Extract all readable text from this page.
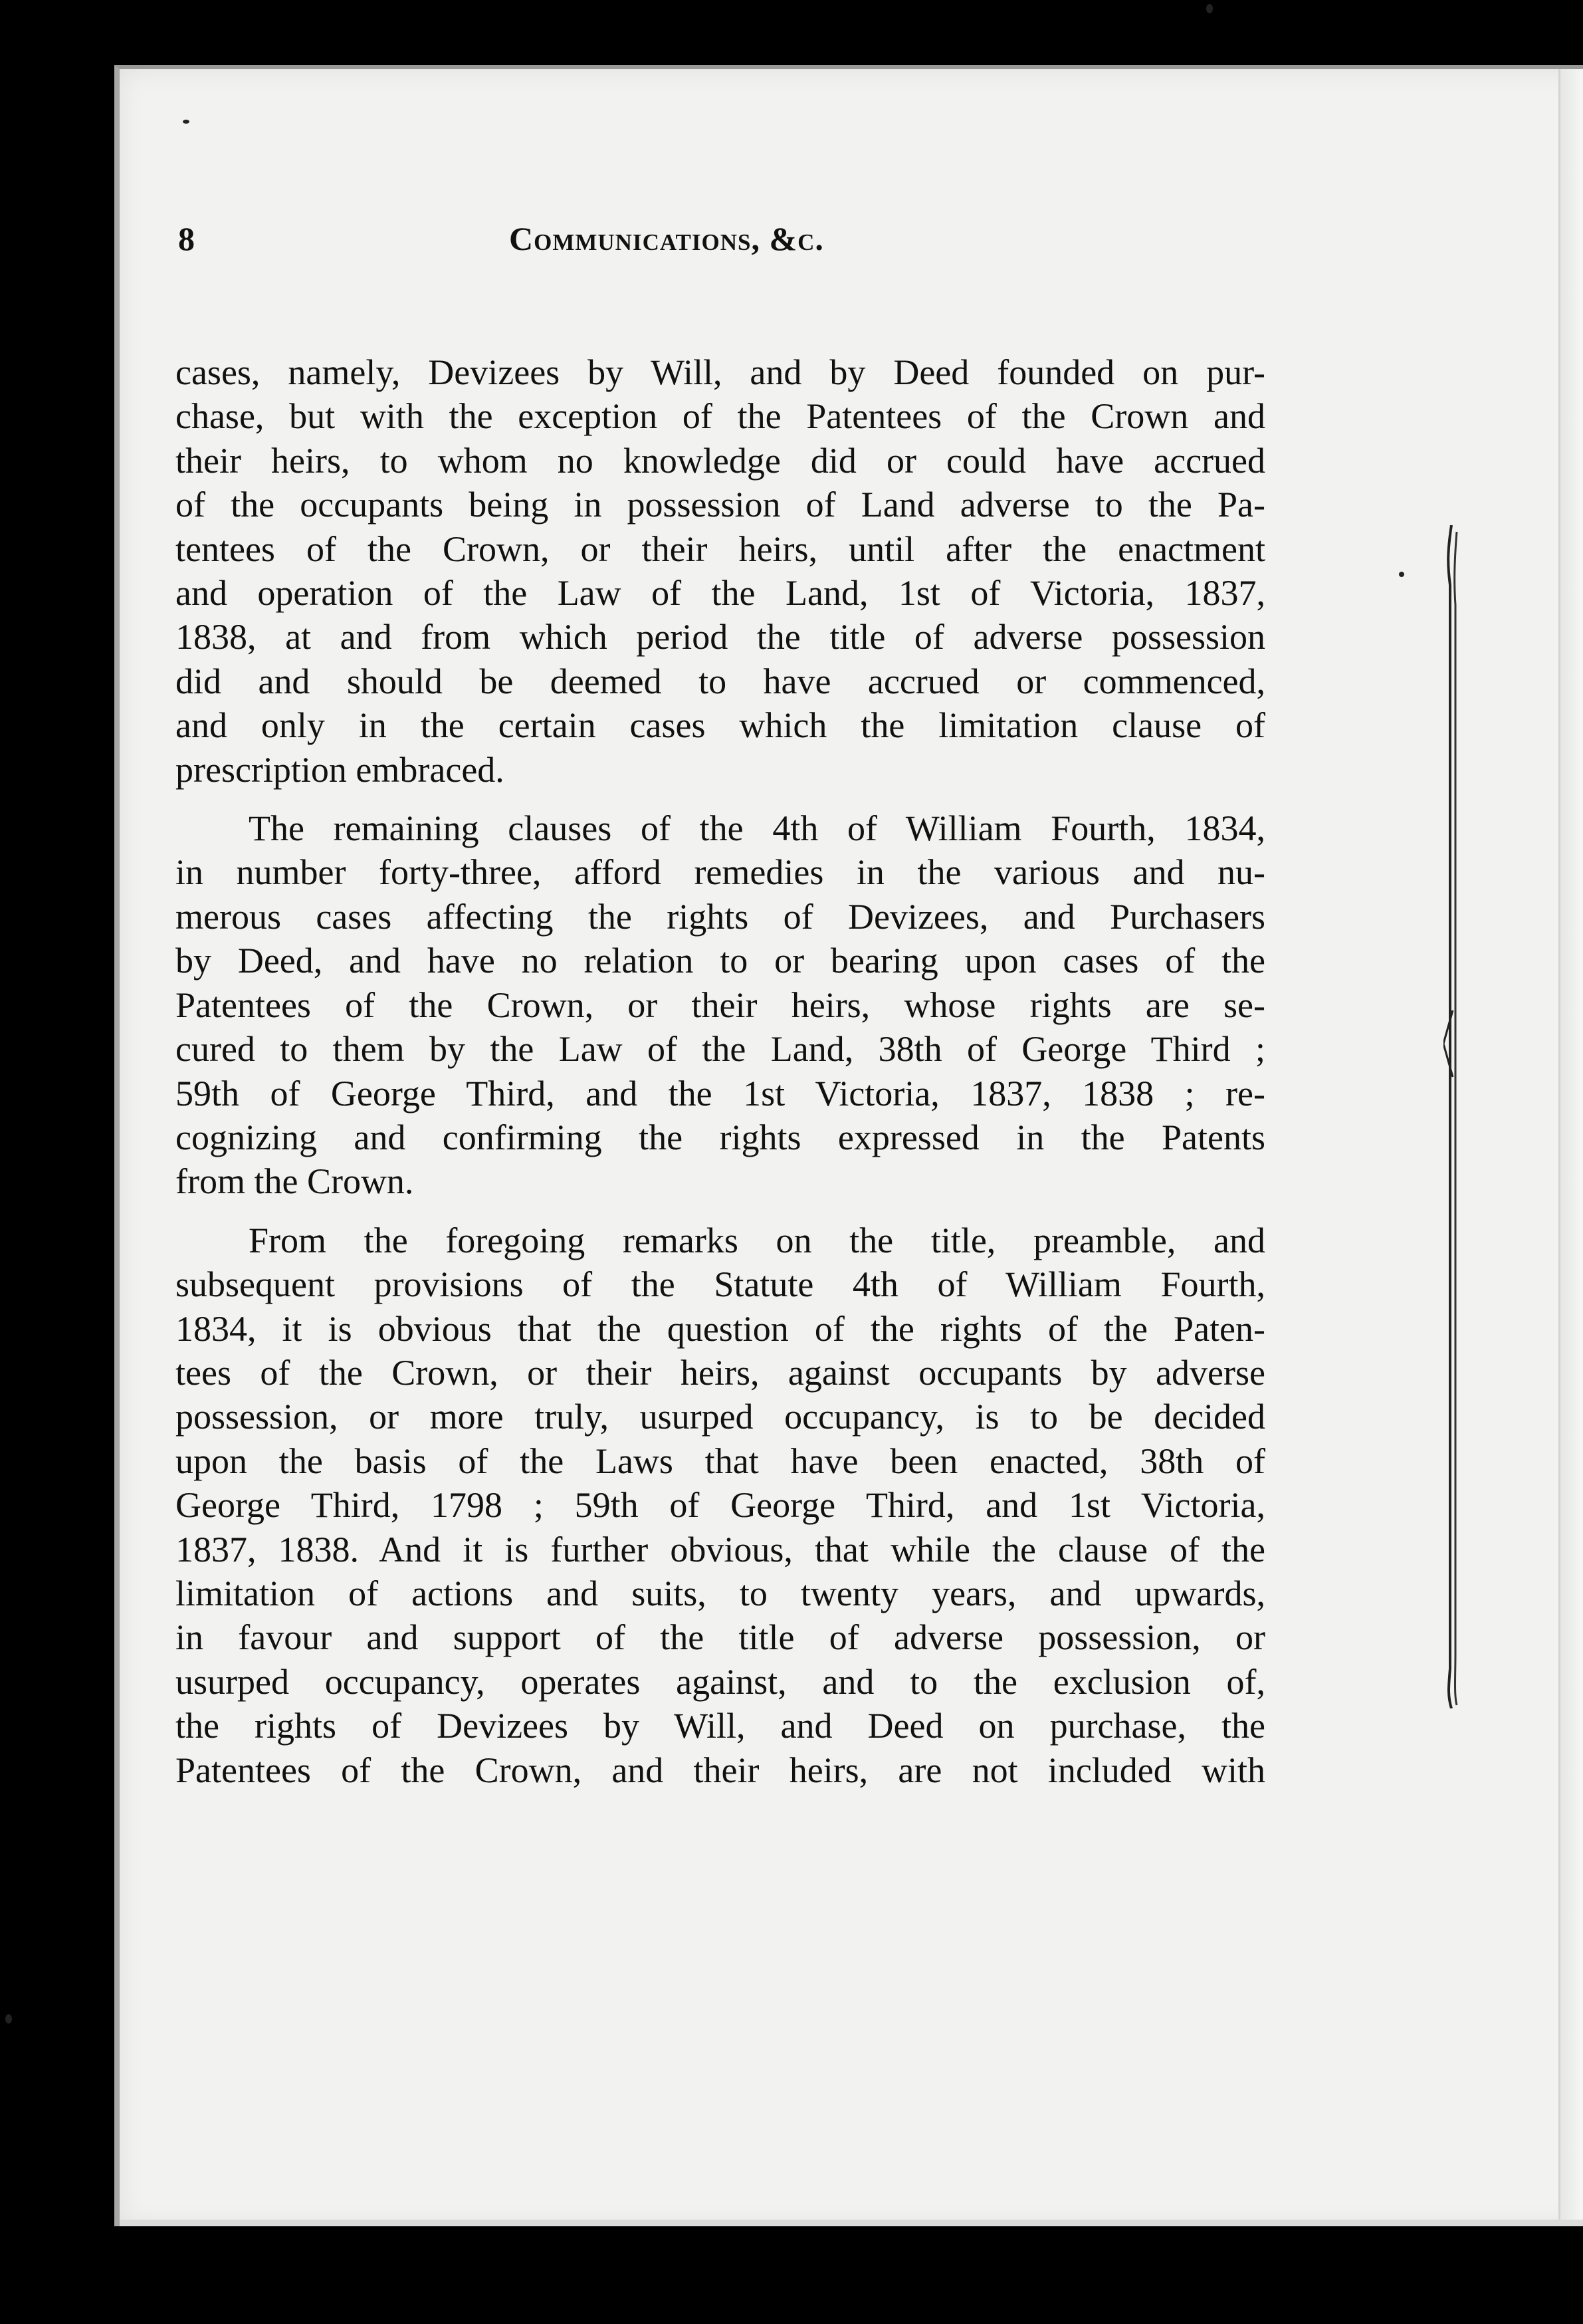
8	Communications, &c.

cases, namely, Devizees by Will, and by Deed founded on pur-
chase, but with the exception of the Patentees of the Crown and
their heirs, to whom no knowledge did or could have accrued
of the occupants being in possession of Land adverse to the Pa-
tentees of the Crown, or their heirs, until after the enactment
and operation of the Law of the Land, 1st of Victoria, 1837,
1838, at and from which period the title of adverse possession
did and should be deemed to have accrued or commenced,
and only in the certain cases which the limitation clause of
prescription embraced.

The remaining clauses of the 4th of William Fourth, 1834,
in number forty-three, afford remedies in the various and nu-
merous cases affecting the rights of Devizees, and Purchasers
by Deed, and have no relation to or bearing upon cases of the
Patentees of the Crown, or their heirs, whose rights are se-
cured to them by the Law of the Land, 38th of George Third ;
59th of George Third, and the 1st Victoria, 1837, 1838 ; re-
cognizing and confirming the rights expressed in the Patents
from the Crown.

From the foregoing remarks on the title, preamble, and
subsequent provisions of the Statute 4th of William Fourth,
1834, it is obvious that the question of the rights of the Paten-
tees of the Crown, or their heirs, against occupants by adverse
possession, or more truly, usurped occupancy, is to be decided
upon the basis of the Laws that have been enacted, 38th of
George Third, 1798 ; 59th of George Third, and 1st Victoria,
1837, 1838. And it is further obvious, that while the clause of the
limitation of actions and suits, to twenty years, and upwards,
in favour and support of the title of adverse possession, or
usurped occupancy, operates against, and to the exclusion of,
the rights of Devizees by Will, and Deed on purchase, the
Patentees of the Crown, and their heirs, are not included with
